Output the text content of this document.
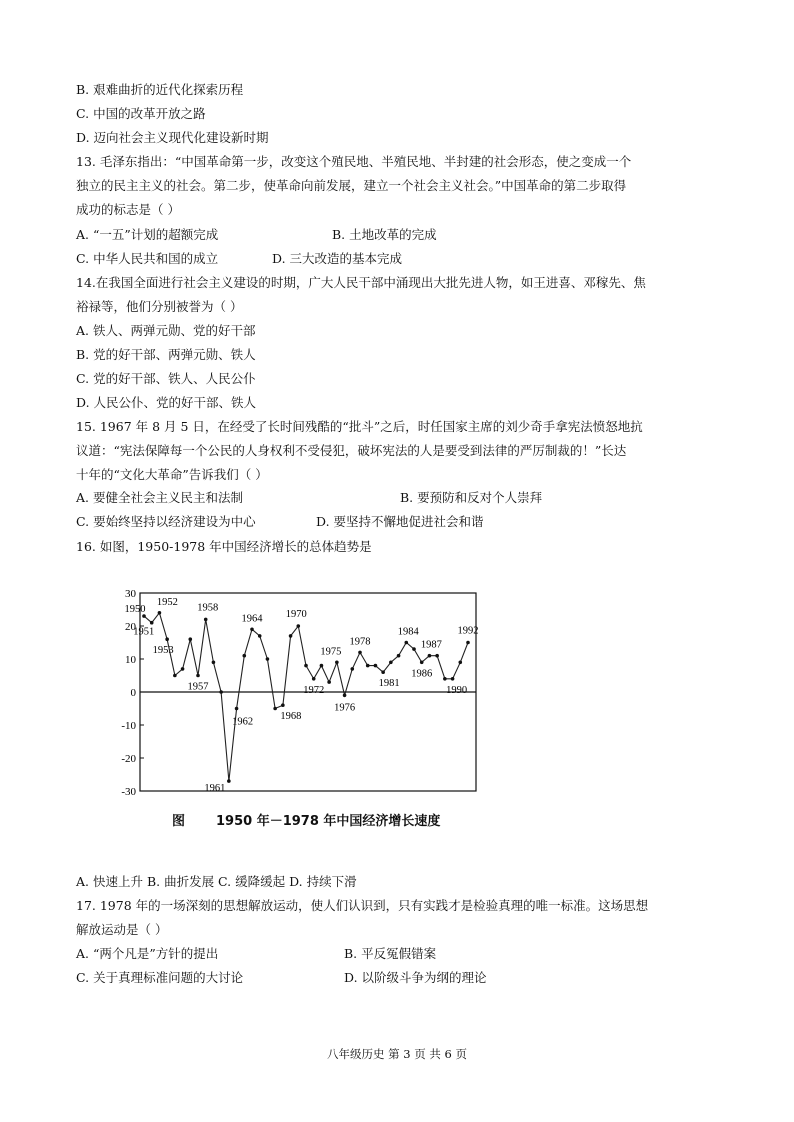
B. 艰难曲折的近代化探索历程
C. 中国的改革开放之路
D. 迈向社会主义现代化建设新时期
13. 毛泽东指出：“中国革命第一步，改变这个殖民地、半殖民地、半封建的社会形态，使之变成一个
独立的民主主义的社会。第二步，使革命向前发展，建立一个社会主义社会。”中国革命的第二步取得
成功的标志是（ ）
A. “一五”计划的超额完成	B. 土地改革的完成
C. 中华人民共和国的成立	D. 三大改造的基本完成
14.在我国全面进行社会主义建设的时期，广大人民干部中涌现出大批先进人物，如王进喜、邓稼先、焦
裕禄等，他们分别被誉为（ ）
A. 铁人、两弹元勋、党的好干部
B. 党的好干部、两弹元勋、铁人
C. 党的好干部、铁人、人民公仆
D. 人民公仆、党的好干部、铁人
15. 1967 年 8 月 5 日，在经受了长时间残酷的“批斗”之后，时任国家主席的刘少奇手拿宪法愤怒地抗
议道：“宪法保障每一个公民的人身权利不受侵犯，破坏宪法的人是要受到法律的严厉制裁的！”长达
十年的“文化大革命”告诉我们（ ）
A. 要健全社会主义民主和法制	B. 要预防和反对个人崇拜
C. 要始终坚持以经济建设为中心	D. 要坚持不懈地促进社会和谐
16. 如图，1950-1978 年中国经济增长的总体趋势是
30
20
10
0
-10
-20
-30
1950
1951
1952
1953
1957
1958
1961
1962
1964
1968
1970
1972
1975
1976
1978
1981
1984
1986
1987
1990
1992
图 1950 年－1978 年中国经济增长速度
A. 快速上升 B. 曲折发展 C. 缓降缓起 D. 持续下滑
17. 1978 年的一场深刻的思想解放运动，使人们认识到，只有实践才是检验真理的唯一标准。这场思想
解放运动是（ ）
A. “两个凡是”方针的提出	B. 平反冤假错案
C. 关于真理标准问题的大讨论	D. 以阶级斗争为纲的理论
八年级历史 第 3 页 共 6 页
